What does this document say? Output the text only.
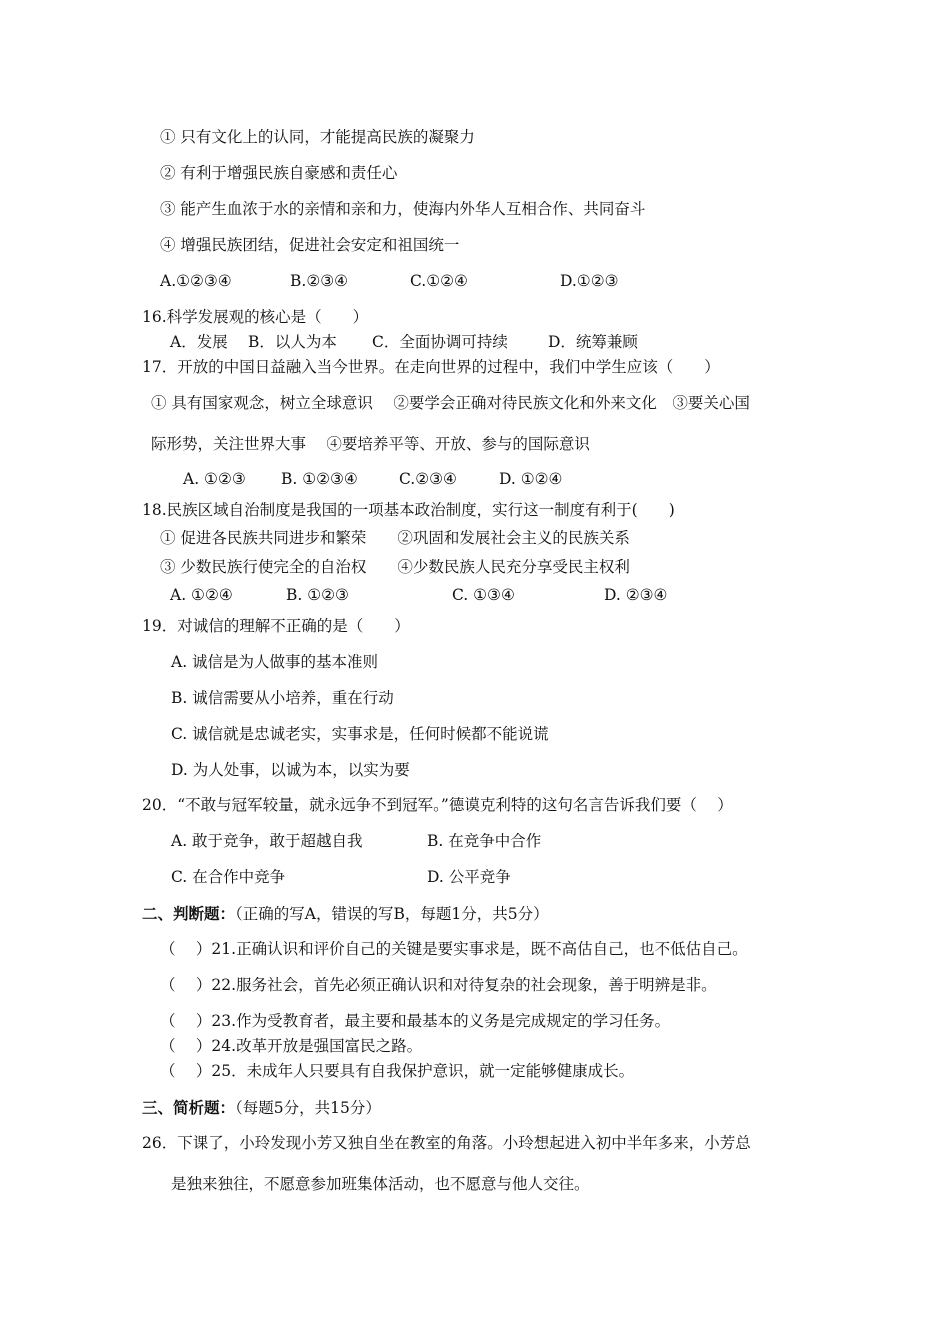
① 只有文化上的认同，才能提高民族的凝聚力
② 有利于增强民族自豪感和责任心
③ 能产生血浓于水的亲情和亲和力，使海内外华人互相合作、共同奋斗
④ 增强民族团结，促进社会安定和祖国统一
A.①②③④	B.②③④	C.①②④	D.①②③
16.科学发展观的核心是（　　）
A．发展 B．以人为本 C．全面协调可持续	D．统筹兼顾
17．开放的中国日益融入当今世界。在走向世界的过程中，我们中学生应该（　　）
① 具有国家观念，树立全球意识　 ②要学会正确对待民族文化和外来文化　③要关心国
际形势，关注世界大事　 ④要培养平等、开放、参与的国际意识
A. ①②③ B. ①②③④	C.②③④	D. ①②④
18.民族区域自治制度是我国的一项基本政治制度，实行这一制度有利于(　　)
① 促进各民族共同进步和繁荣　　②巩固和发展社会主义的民族关系
③ 少数民族行使完全的自治权　　④少数民族人民充分享受民主权利
A. ①②④	B. ①②③	C. ①③④	D. ②③④
19．对诚信的理解不正确的是（　　）
A. 诚信是为人做事的基本准则
B. 诚信需要从小培养，重在行动
C. 诚信就是忠诚老实，实事求是，任何时候都不能说谎
D. 为人处事，以诚为本，以实为要
20．“不敢与冠军较量，就永远争不到冠军。”德谟克利特的这句名言告诉我们要（　 ）
A. 敢于竞争，敢于超越自我	B. 在竞争中合作
C. 在合作中竞争	D. 公平竞争
二、判断题：（正确的写A，错误的写B，每题1分，共5分）
（　 ）21.正确认识和评价自己的关键是要实事求是，既不高估自己，也不低估自己。
（　 ）22.服务社会，首先必须正确认识和对待复杂的社会现象，善于明辨是非。
（　 ）23.作为受教育者，最主要和最基本的义务是完成规定的学习任务。
（　 ）24.改革开放是强国富民之路。
（　 ）25．未成年人只要具有自我保护意识，就一定能够健康成长。
三、简析题：（每题5分，共15分）
26．下课了，小玲发现小芳又独自坐在教室的角落。小玲想起进入初中半年多来，小芳总
是独来独往，不愿意参加班集体活动，也不愿意与他人交往。
